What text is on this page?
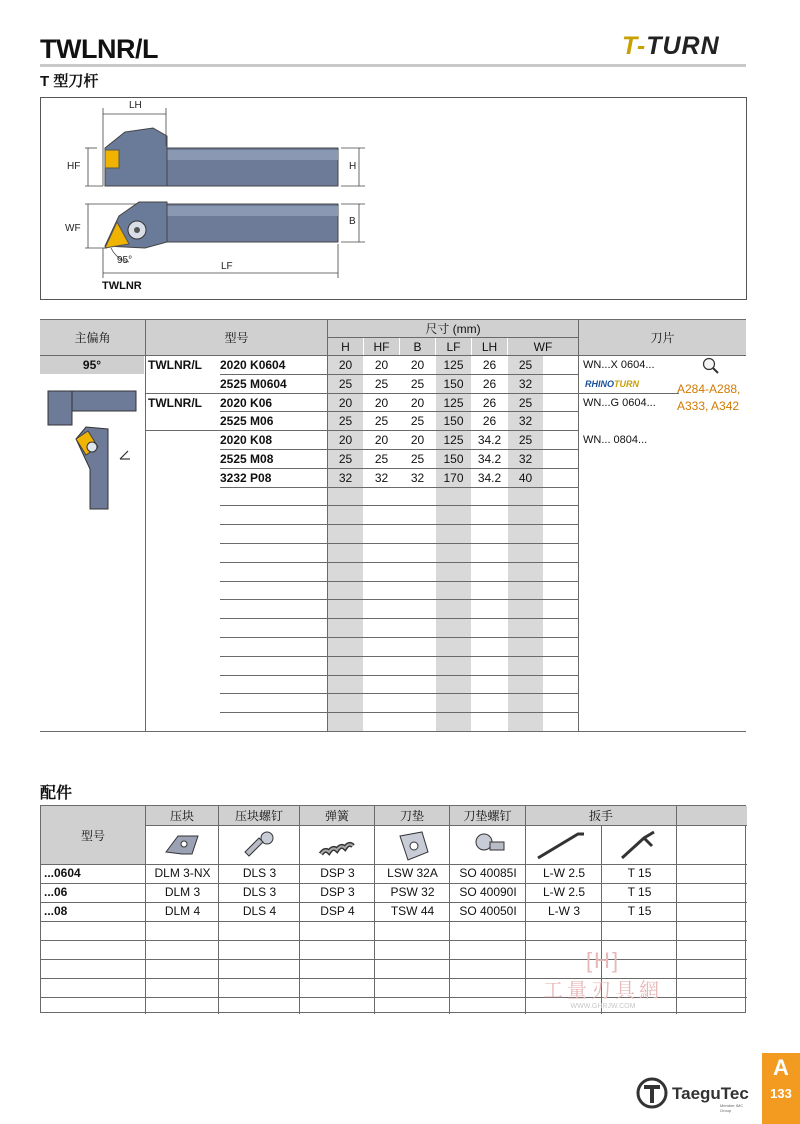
TWLNR/L	T-TURN
T 型刀杆
LH
HF	H
WF
B
95°
LF
TWLNR
主偏角	型号
尺寸 (mm)
刀片
H	HF	B	LF	LH	WF
95°	TWLNR/L 2020 K0604	20	20	20	125	26	25	WN...X 0604...
2525 M0604	25	25	25	150	26	32
TWLNR/L 2020 K06	20	20	20	125	26	25	WN...G 0604...
2525 M06	25	25	25	150	26	32
2020 K08	20	20	20	125	34.2	25	WN... 0804...
2525 M08	25	25	25	150	34.2	32
3232 P08	32	32	32	170	34.2	40
RHINOTURN	A284-A288,
A333, A342
配件
型号
压块	压块螺钉	弹簧	刀垫	刀垫螺钉	扳手
...0604	DLM 3-NX	DLS 3	DSP 3	LSW 32A	SO 40085I	L-W 2.5	T 15
...06	DLM 3	DLS 3	DSP 3	PSW 32	SO 40090I	L-W 2.5	T 15
...08	DLM 4	DLS 4	DSP 4	TSW 44	SO 40050I	L-W 3	T 15
[H]
工量刃具網
WWW.GHRJW.COM
TaeguTec
Member IMC Group
A
133
